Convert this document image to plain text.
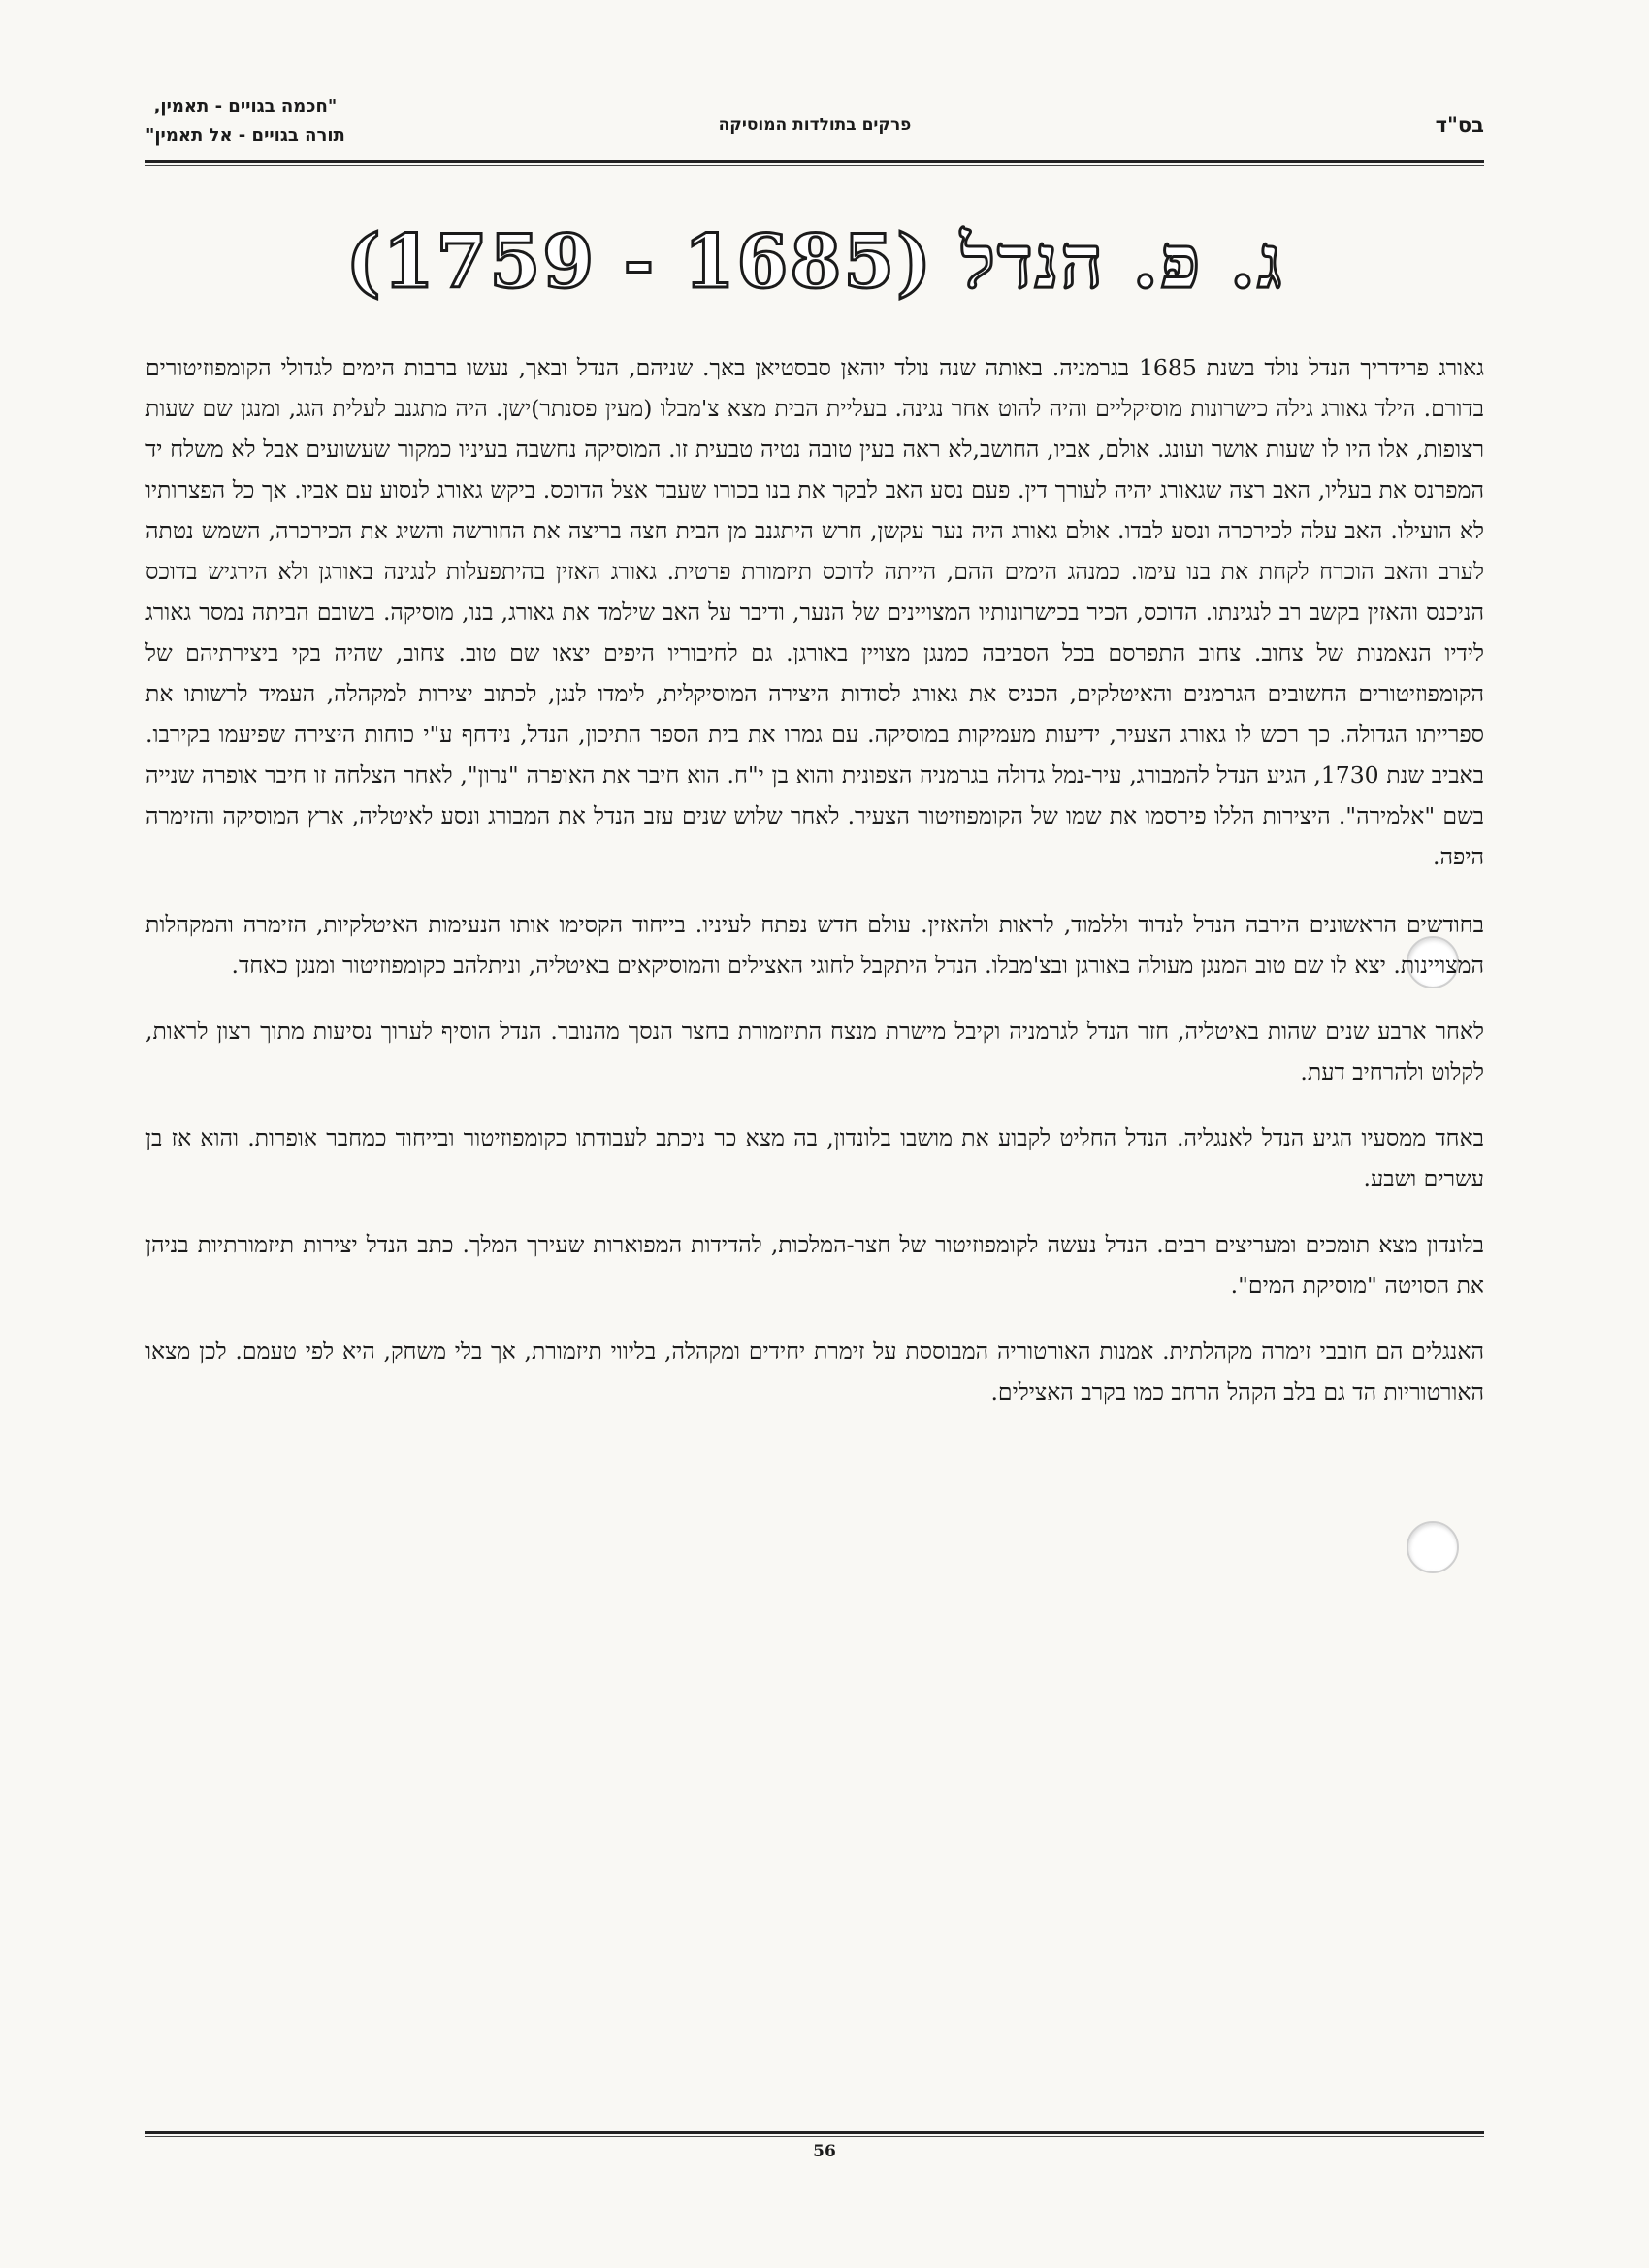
בס"ד
פרקים בתולדות המוסיקה
"חכמה בגויים - תאמין,
תורה בגויים - אל תאמין"
ג. פ. הנדל (1685 - 1759)

גאורג פרידריך הנדל נולד בשנת 1685 בגרמניה. באותה שנה נולד יוהאן סבסטיאן באך. שניהם, הנדל ובאך, נעשו ברבות הימים לגדולי הקומפוזיטורים בדורם. הילד גאורג גילה כישרונות מוסיקליים והיה להוט אחר נגינה. בעליית הבית מצא צ'מבלו (מעין פסנתר)ישן. היה מתגנב לעלית הגג, ומנגן שם שעות רצופות, אלו היו לו שעות אושר ועונג. אולם, אביו, החושב,לא ראה בעין טובה נטיה טבעית זו. המוסיקה נחשבה בעיניו כמקור שעשועים אבל לא משלח יד המפרנס את בעליו, האב רצה שגאורג יהיה לעורך דין. פעם נסע האב לבקר את בנו בכורו שעבד אצל הדוכס. ביקש גאורג לנסוע עם אביו. אך כל הפצרותיו לא הועילו. האב עלה לכירכרה ונסע לבדו. אולם גאורג היה נער עקשן, חרש היתגנב מן הבית חצה בריצה את החורשה והשיג את הכירכרה, השמש נטתה לערב והאב הוכרח לקחת את בנו עימו. כמנהג הימים ההם, הייתה לדוכס תיזמורת פרטית. גאורג האזין בהיתפעלות לנגינה באורגן ולא הירגיש בדוכס הניכנס והאזין בקשב רב לנגינתו. הדוכס, הכיר בכישרונותיו המצויינים של הנער, ודיבר על האב שילמד את גאורג, בנו, מוסיקה. בשובם הביתה נמסר גאורג לידיו הנאמנות של צחוב. צחוב התפרסם בכל הסביבה כמנגן מצויין באורגן. גם לחיבוריו היפים יצאו שם טוב. צחוב, שהיה בקי ביצירתיהם של הקומפוזיטורים החשובים הגרמנים והאיטלקים, הכניס את גאורג לסודות היצירה המוסיקלית, לימדו לנגן, לכתוב יצירות למקהלה, העמיד לרשותו את ספרייתו הגדולה. כך רכש לו גאורג הצעיר, ידיעות מעמיקות במוסיקה. עם גמרו את בית הספר התיכון, הנדל, נידחף ע"י כוחות היצירה שפיעמו בקירבו. באביב שנת 1730, הגיע הנדל להמבורג, עיר-נמל גדולה בגרמניה הצפונית והוא בן י"ח. הוא חיבר את האופרה "נרון", לאחר הצלחה זו חיבר אופרה שנייה בשם "אלמירה". היצירות הללו פירסמו את שמו של הקומפוזיטור הצעיר. לאחר שלוש שנים עזב הנדל את המבורג ונסע לאיטליה, ארץ המוסיקה והזימרה היפה.

בחודשים הראשונים הירבה הנדל לנדוד וללמוד, לראות ולהאזין. עולם חדש נפתח לעיניו. בייחוד הקסימו אותו הנעימות האיטלקיות, הזימרה והמקהלות המצויינות. יצא לו שם טוב המנגן מעולה באורגן ובצ'מבלו. הנדל היתקבל לחוגי האצילים והמוסיקאים באיטליה, וניתלהב כקומפוזיטור ומנגן כאחד.

לאחר ארבע שנים שהות באיטליה, חזר הנדל לגרמניה וקיבל מישרת מנצח התיזמורת בחצר הנסך מהנובר. הנדל הוסיף לערוך נסיעות מתוך רצון לראות, לקלוט ולהרחיב דעת.

באחד ממסעיו הגיע הנדל לאנגליה. הנדל החליט לקבוע את מושבו בלונדון, בה מצא כר ניכתב לעבודתו כקומפוזיטור ובייחוד כמחבר אופרות. והוא אז בן עשרים ושבע.

בלונדון מצא תומכים ומעריצים רבים. הנדל נעשה לקומפוזיטור של חצר-המלכות, להדידות המפוארות שעירך המלך. כתב הנדל יצירות תיזמורתיות בניהן את הסויטה "מוסיקת המים".

האנגלים הם חובבי זימרה מקהלתית. אמנות האורטוריה המבוססת על זימרת יחידים ומקהלה, בליווי תיזמורת, אך בלי משחק, היא לפי טעמם. לכן מצאו האורטוריות הד גם בלב הקהל הרחב כמו בקרב האצילים.

56
